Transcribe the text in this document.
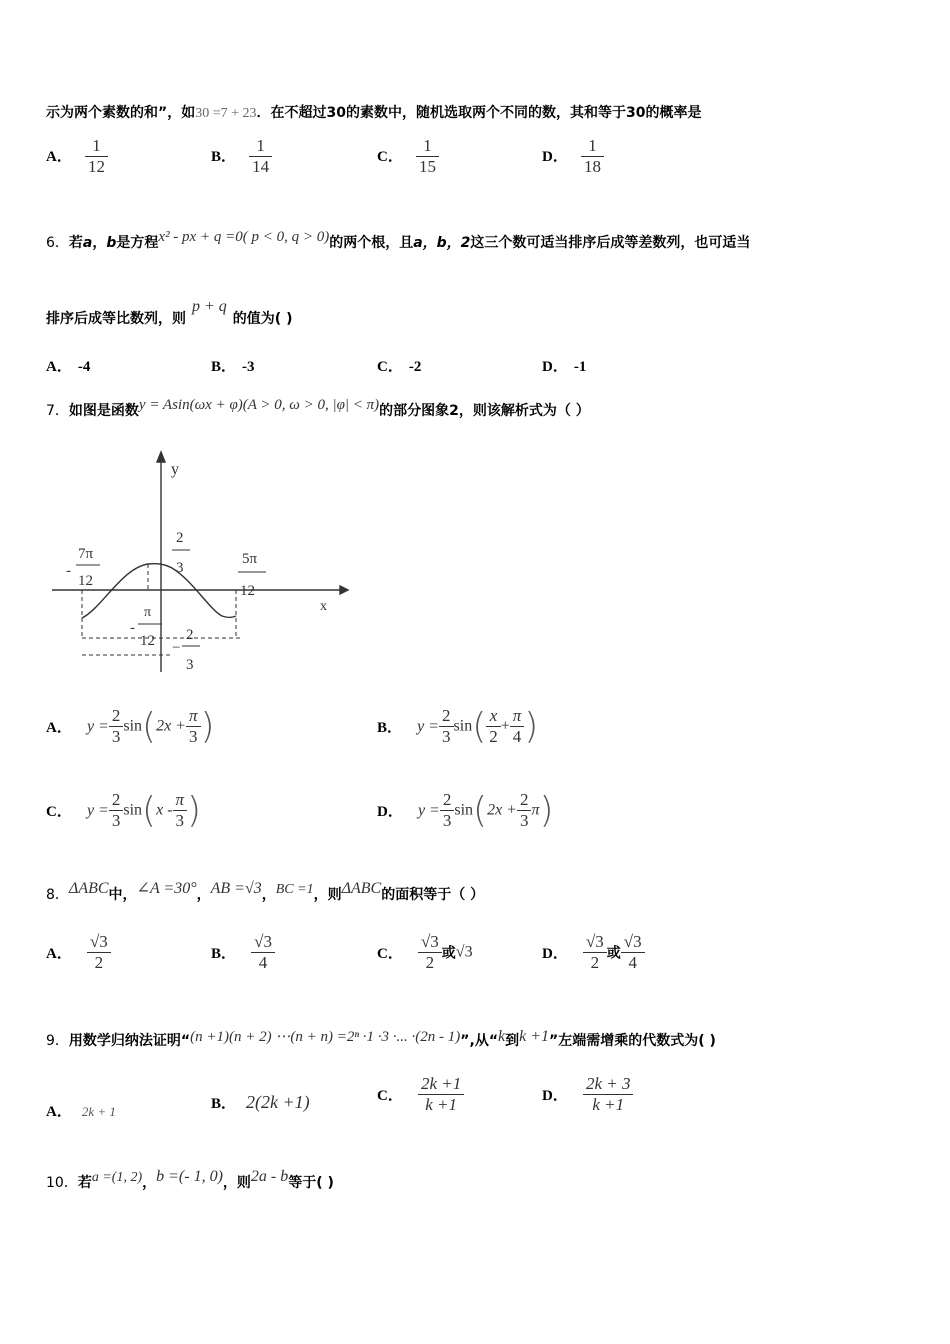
示为两个素数的和”，如30 =7 + 23．在不超过30的素数中，随机选取两个不同的数，其和等于30的概率是
A． $\frac{1}{12}$	B． $\frac{1}{14}$	C． $\frac{1}{15}$	D． $\frac{1}{18}$
6．若a，b是方程x² - px + q =0( p < 0, q > 0)的两个根，且a，b，2这三个数可适当排序后成等差数列，也可适当
排序后成等比数列，则p + q的值为( )
A． -4	B． -3	C． -2	D． -1
7．如图是函数y = Asin(ωx + φ)(A > 0, ω > 0, |φ| < π)的部分图象2，则该解析式为（ ）
y
x
-
7π
12
5π
12
2
3
-
π
12 −
2
3
A． $y = \frac{2}{3} \sin(2x + \frac{\pi}{3}$ )	B． $y = \frac{2}{3} \sin( \frac{x}{2} + \frac{\pi}{4}$ )
C． $y = \frac{2}{3} \sin(x - \frac{\pi}{3}$ )	D． $y = \frac{2}{3} \sin(2x + \frac{2}{3} \pi)$
8．ΔABC中，∠A =30°，AB =√3，BC =1，则ΔABC的面积等于（ ）
A． $\frac{√3}{2}$	B． $\frac{√3}{4}$	C． $\frac{√3}{2}$ 或√3	D． $\frac{√3}{2}$ 或 $\frac{√3}{4}$
9．用数学归纳法证明“(n +1)(n + 2) ⋯(n + n) =2ⁿ ·1 ·3 ·... ·(2n - 1)”,从“k到k +1”左端需增乘的代数式为( )
A． 2k + 1	B． 2(2k +1)	C． $\frac{2k +1}{k +1}$	D． $\frac{2k + 3}{k +1}$
10．若a =(1, 2)，b =(- 1, 0)，则2a - b等于( )
